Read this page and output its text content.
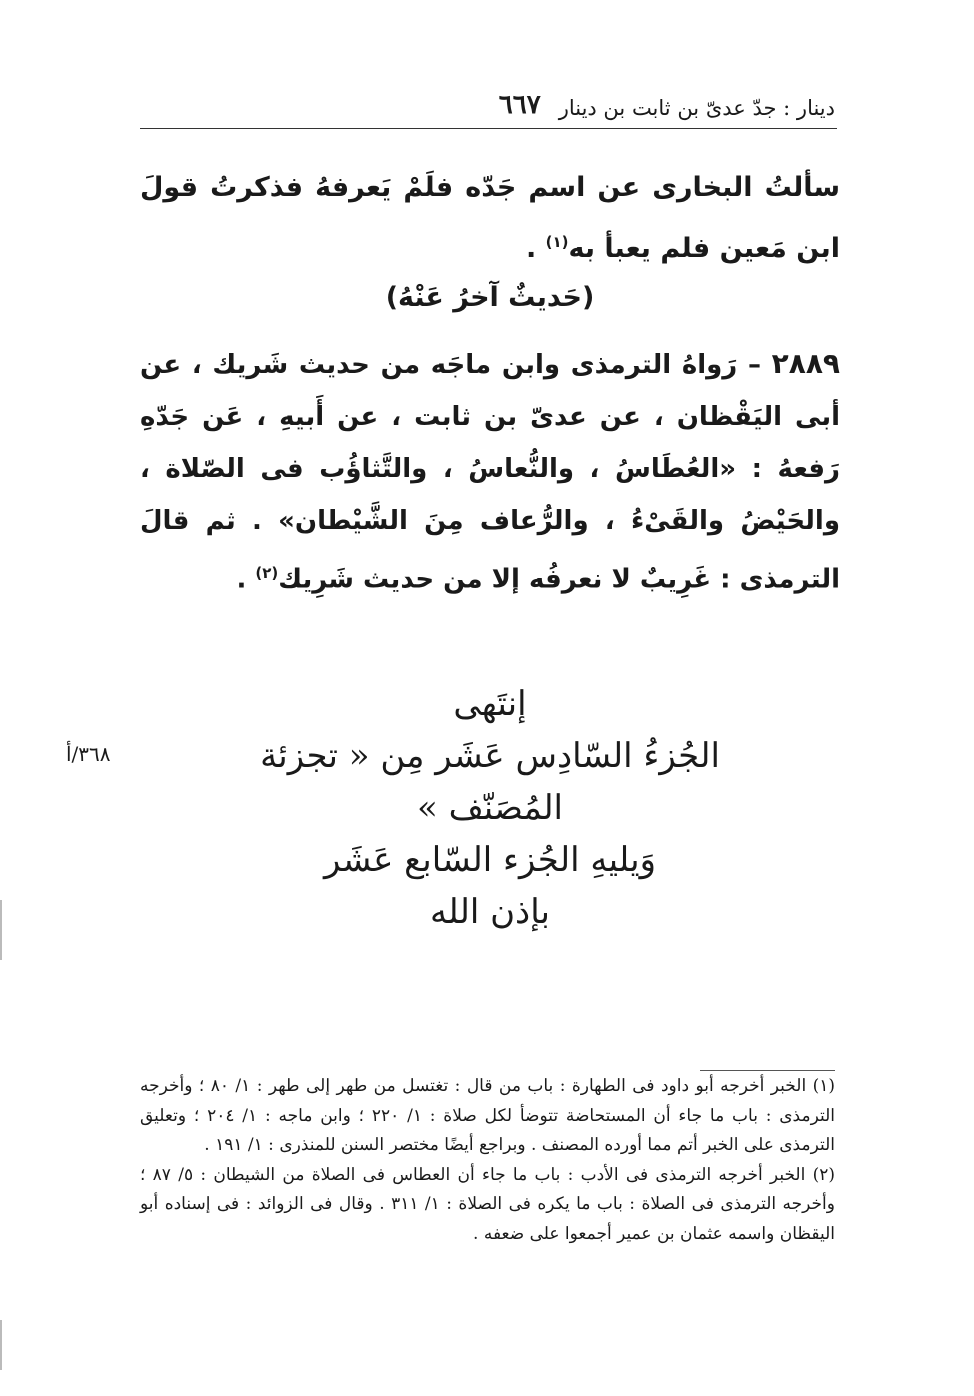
دينار : جدّ عدىّ بن ثابت بن دينار
٦٦٧

سألتُ البخارى عن اسم جَدّه فلَمْ يَعرفهُ فذكرتُ قولَ ابن مَعين فلم يعبأ به$^{(١)}$ .

(حَديثٌ آخرُ عَنْهُ)
٢٨٨٩ – رَواهُ الترمذى وابن ماجَه من حديث شَريك ، عن أبى اليَقْظان ، عن عدىّ بن ثابت ، عن أَبيهِ ، عَن جَدّهِ رَفعهُ : «العُطَاسُ ، والنُّعاسُ ، والتَّثاؤُب فى الصّلاة ، والحَيْضُ والقَىْءُ ، والرُّعاف مِنَ الشَّيْطان» . ثم قالَ الترمذى : غَرِيبٌ لا نعرفُه إلا من حديث شَرِيك$^{(٢)}$ .
إنتَهى
الجُزءُ السّادِس عَشَر مِن « تجزئة المُصَنّف »
وَيليهِ الجُزء السّابع عَشَر
بإذن الله
٣٦٨/أ

(١) الخبر أخرجه أبو داود فى الطهارة : باب من قال : تغتسل من طهر إلى طهر : ١/ ٨٠ ؛ وأخرجه الترمذى : باب ما جاء أن المستحاضة تتوضأ لكل صلاة : ١/ ٢٢٠ ؛ وابن ماجه : ١/ ٢٠٤ ؛ وتعليق الترمذى على الخبر أتم مما أورده المصنف . وبراجع أيضًا مختصر السنن للمنذرى : ١/ ١٩١ .

(٢) الخبر أخرجه الترمذى فى الأدب : باب ما جاء أن العطاس فى الصلاة من الشيطان : ٥/ ٨٧ ؛ وأخرجه الترمذى فى الصلاة : باب ما يكره فى الصلاة : ١/ ٣١١ . وقال فى الزوائد : فى إسناده أبو اليقظان واسمه عثمان بن عمير أجمعوا على ضعفه .
